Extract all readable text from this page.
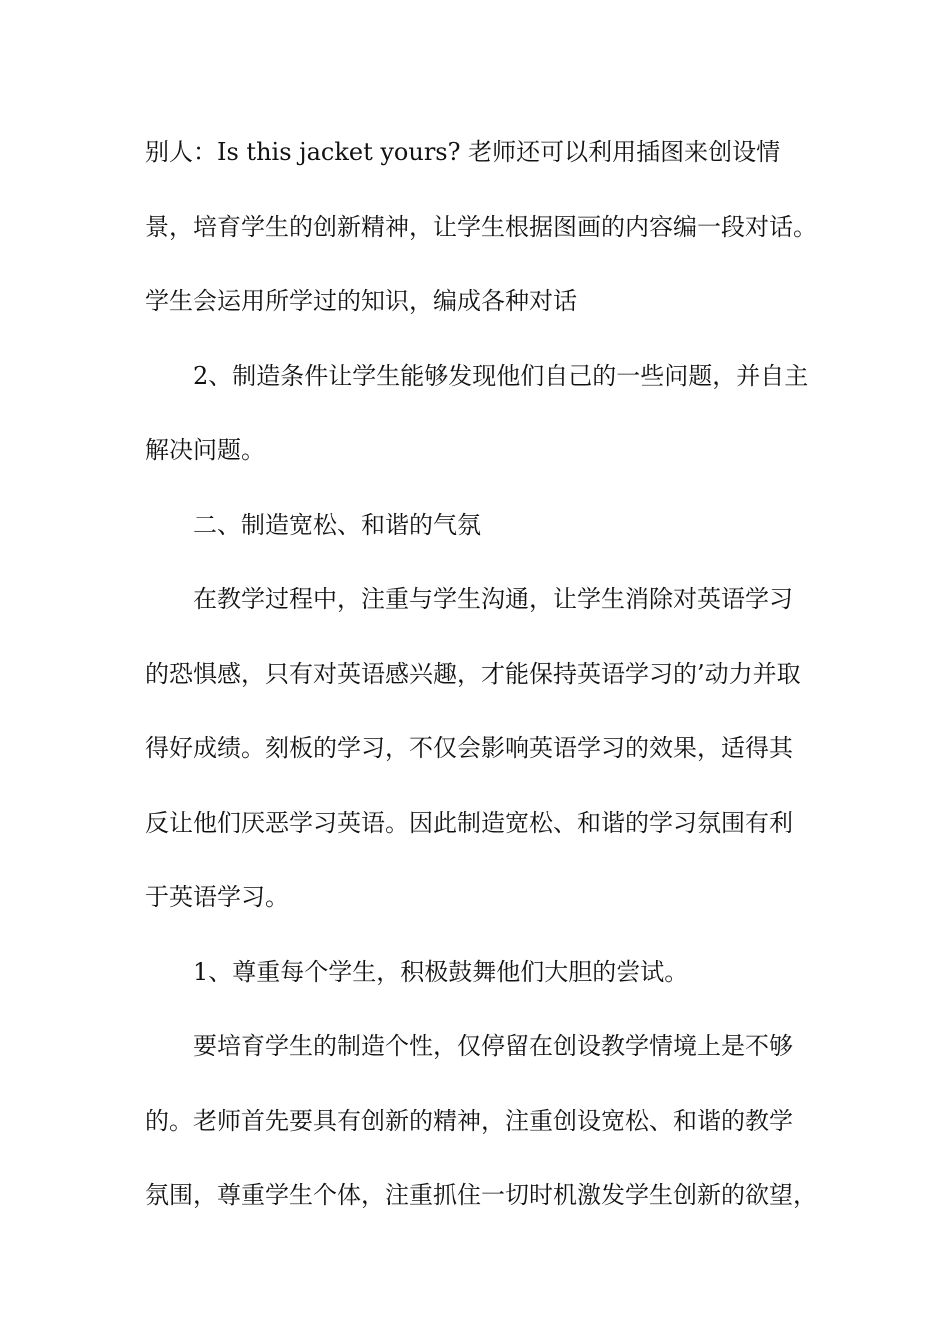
别人：Is this jacket yours? 老师还可以利用插图来创设情
景，培育学生的创新精神，让学生根据图画的内容编一段对话。
学生会运用所学过的知识，编成各种对话
2、制造条件让学生能够发现他们自己的一些问题，并自主
解决问题。
二、制造宽松、和谐的气氛
在教学过程中，注重与学生沟通，让学生消除对英语学习
的恐惧感，只有对英语感兴趣，才能保持英语学习的’动力并取
得好成绩。刻板的学习，不仅会影响英语学习的效果，适得其
反让他们厌恶学习英语。因此制造宽松、和谐的学习氛围有利
于英语学习。
1、尊重每个学生，积极鼓舞他们大胆的尝试。
要培育学生的制造个性，仅停留在创设教学情境上是不够
的。老师首先要具有创新的精神，注重创设宽松、和谐的教学
氛围，尊重学生个体，注重抓住一切时机激发学生创新的欲望，
